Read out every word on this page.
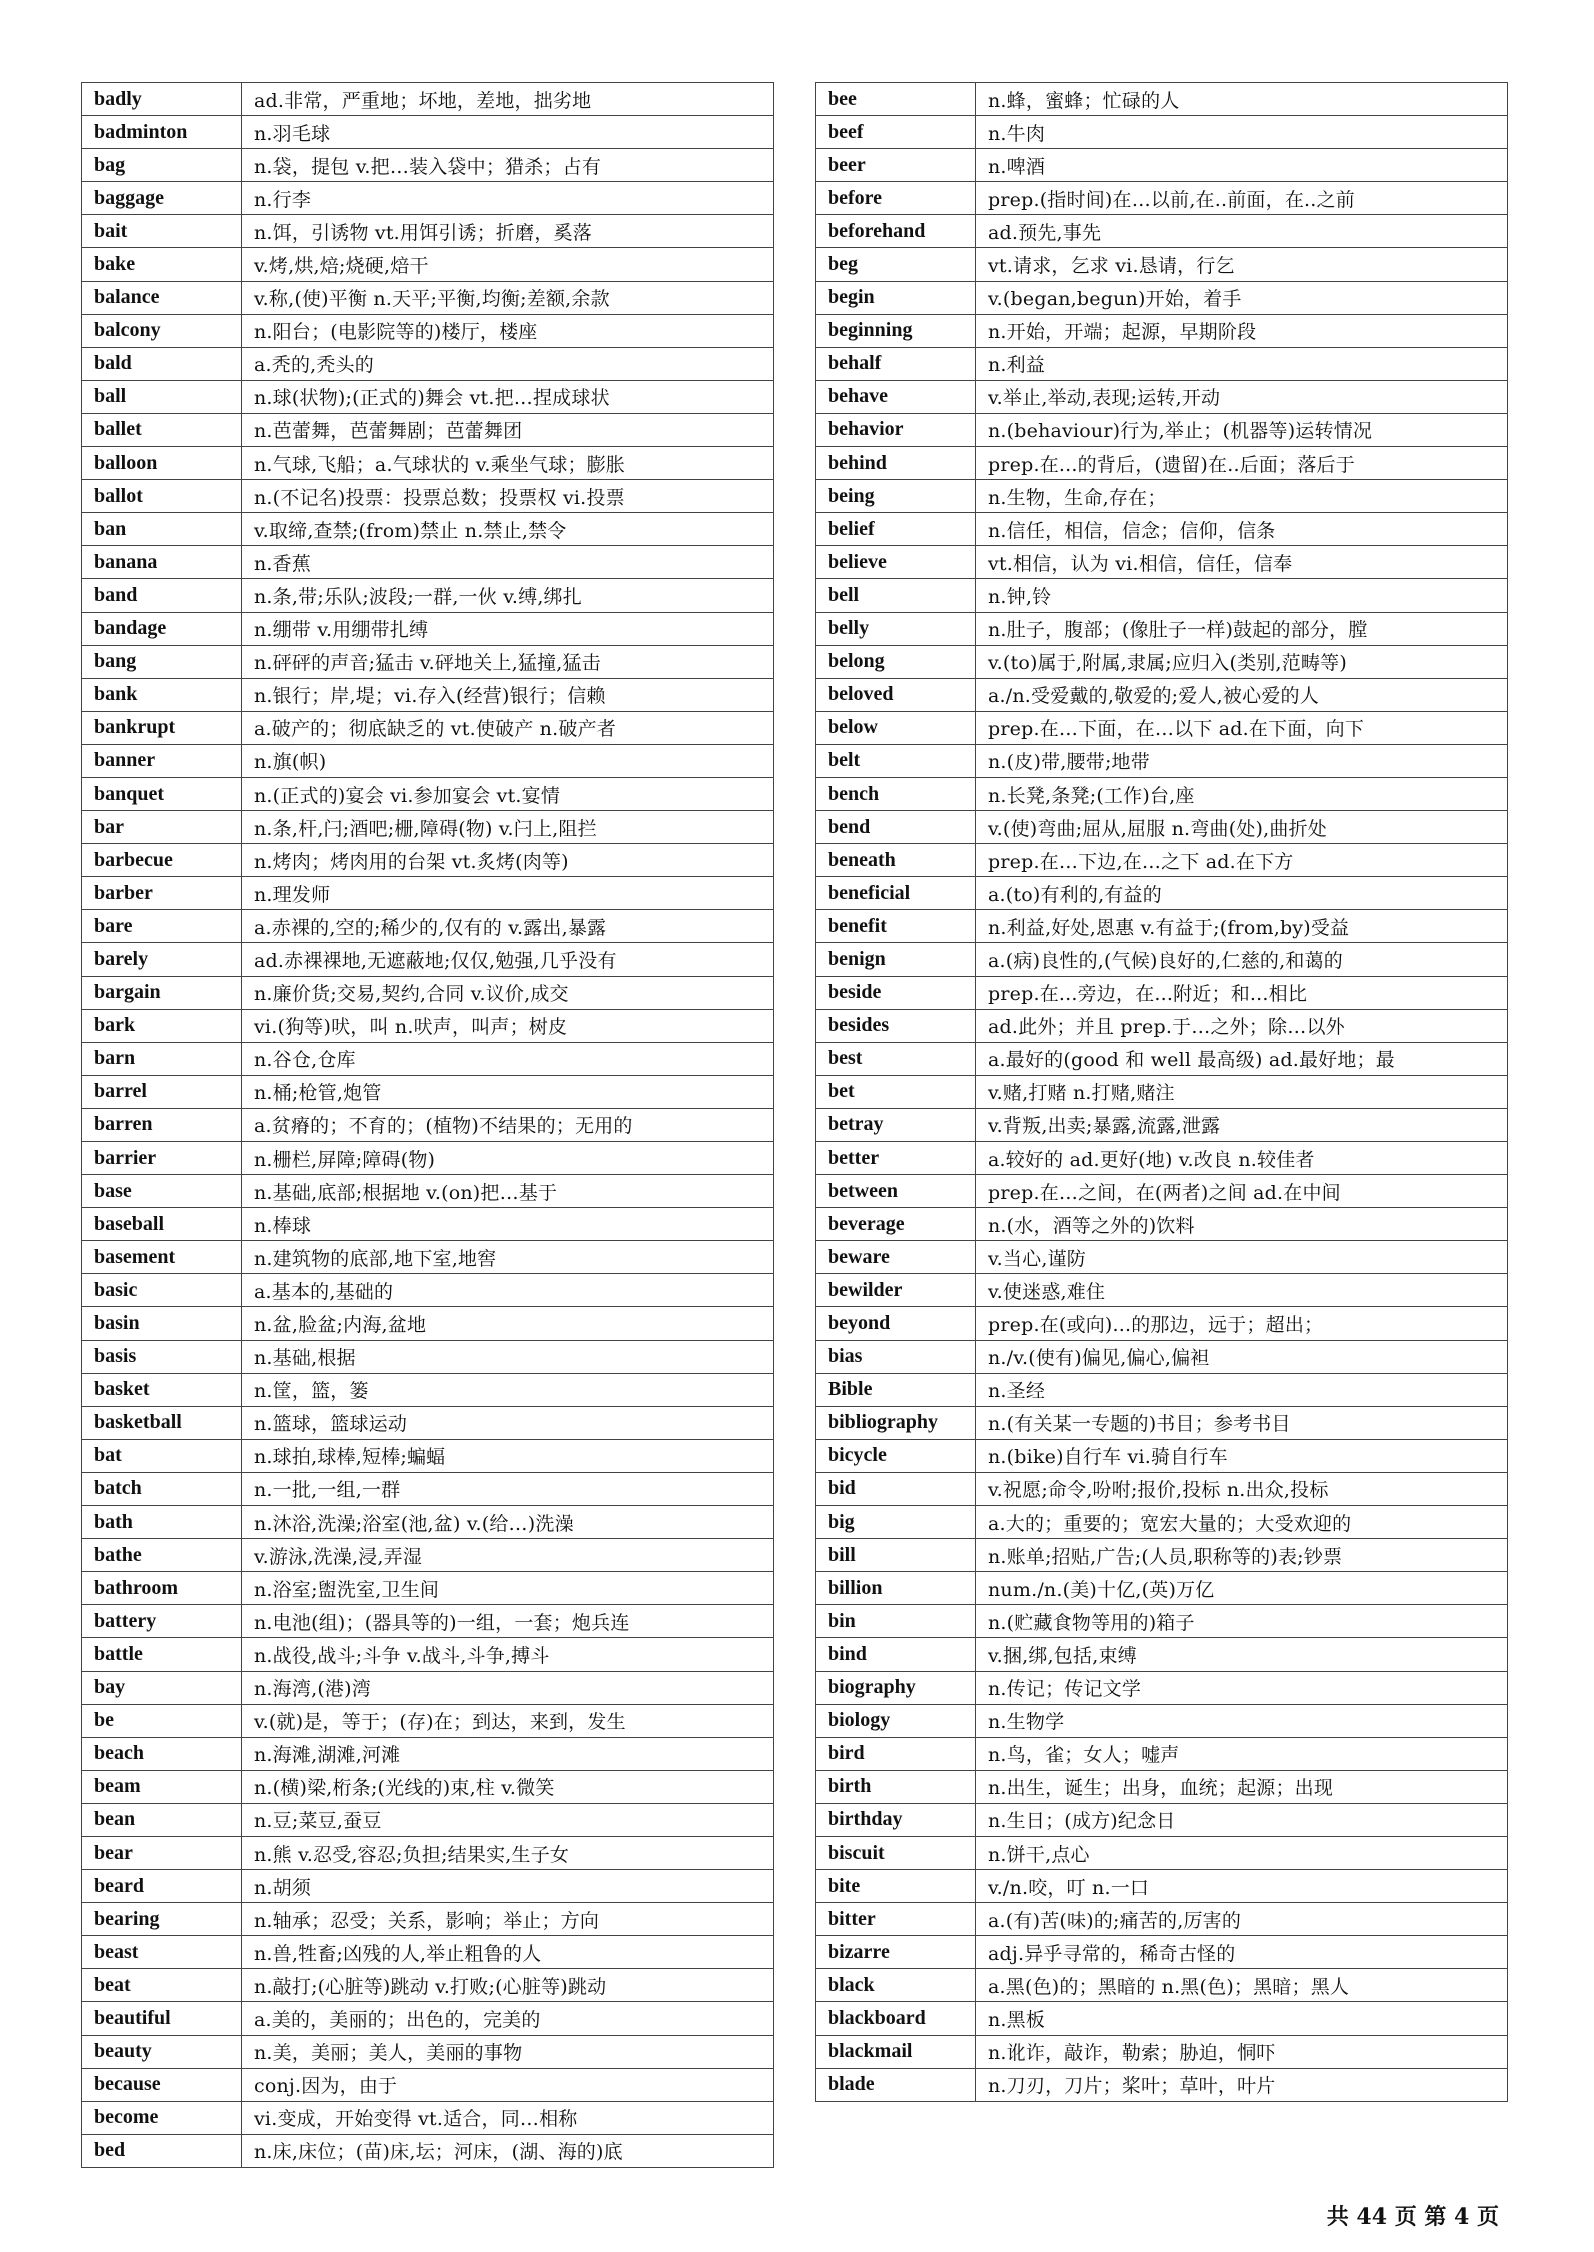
badly	ad.非常，严重地；坏地，差地，拙劣地
badminton	n.羽毛球
bag	n.袋，提包 v.把…装入袋中；猎杀；占有
baggage	n.行李
bait	n.饵，引诱物 vt.用饵引诱；折磨，奚落
bake	v.烤,烘,焙;烧硬,焙干
balance	v.称,(使)平衡 n.天平;平衡,均衡;差额,余款
balcony	n.阳台；(电影院等的)楼厅，楼座
bald	a.秃的,秃头的
ball	n.球(状物);(正式的)舞会 vt.把…捏成球状
ballet	n.芭蕾舞，芭蕾舞剧；芭蕾舞团
balloon	n.气球,飞船；a.气球状的 v.乘坐气球；膨胀
ballot	n.(不记名)投票：投票总数；投票权 vi.投票
ban	v.取缔,查禁;(from)禁止 n.禁止,禁令
banana	n.香蕉
band	n.条,带;乐队;波段;一群,一伙 v.缚,绑扎
bandage	n.绷带 v.用绷带扎缚
bang	n.砰砰的声音;猛击 v.砰地关上,猛撞,猛击
bank	n.银行；岸,堤；vi.存入(经营)银行；信赖
bankrupt	a.破产的；彻底缺乏的 vt.使破产 n.破产者
banner	n.旗(帜)
banquet	n.(正式的)宴会 vi.参加宴会 vt.宴情
bar	n.条,杆,闩;酒吧;栅,障碍(物) v.闩上,阻拦
barbecue	n.烤肉；烤肉用的台架 vt.炙烤(肉等)
barber	n.理发师
bare	a.赤裸的,空的;稀少的,仅有的 v.露出,暴露
barely	ad.赤裸裸地,无遮蔽地;仅仅,勉强,几乎没有
bargain	n.廉价货;交易,契约,合同 v.议价,成交
bark	vi.(狗等)吠，叫 n.吠声，叫声；树皮
barn	n.谷仓,仓库
barrel	n.桶;枪管,炮管
barren	a.贫瘠的；不育的；(植物)不结果的；无用的
barrier	n.栅栏,屏障;障碍(物)
base	n.基础,底部;根据地 v.(on)把…基于
baseball	n.棒球
basement	n.建筑物的底部,地下室,地窖
basic	a.基本的,基础的
basin	n.盆,脸盆;内海,盆地
basis	n.基础,根据
basket	n.筐，篮，篓
basketball	n.篮球，篮球运动
bat	n.球拍,球棒,短棒;蝙蝠
batch	n.一批,一组,一群
bath	n.沐浴,洗澡;浴室(池,盆) v.(给…)洗澡
bathe	v.游泳,洗澡,浸,弄湿
bathroom	n.浴室;盥洗室,卫生间
battery	n.电池(组)；(器具等的)一组，一套；炮兵连
battle	n.战役,战斗;斗争 v.战斗,斗争,搏斗
bay	n.海湾,(港)湾
be	v.(就)是，等于；(存)在；到达，来到，发生
beach	n.海滩,湖滩,河滩
beam	n.(横)梁,桁条;(光线的)束,柱 v.微笑
bean	n.豆;菜豆,蚕豆
bear	n.熊 v.忍受,容忍;负担;结果实,生子女
beard	n.胡须
bearing	n.轴承；忍受；关系，影响；举止；方向
beast	n.兽,牲畜;凶残的人,举止粗鲁的人
beat	n.敲打;(心脏等)跳动 v.打败;(心脏等)跳动
beautiful	a.美的，美丽的；出色的，完美的
beauty	n.美，美丽；美人，美丽的事物
because	conj.因为，由于
become	vi.变成，开始变得 vt.适合，同…相称
bed	n.床,床位；(苗)床,坛；河床，(湖、海的)底
bee	n.蜂，蜜蜂；忙碌的人
beef	n.牛肉
beer	n.啤酒
before	prep.(指时间)在…以前,在..前面，在..之前
beforehand	ad.预先,事先
beg	vt.请求，乞求 vi.恳请，行乞
begin	v.(began,begun)开始，着手
beginning	n.开始，开端；起源，早期阶段
behalf	n.利益
behave	v.举止,举动,表现;运转,开动
behavior	n.(behaviour)行为,举止；(机器等)运转情况
behind	prep.在...的背后，(遗留)在..后面；落后于
being	n.生物，生命,存在；
belief	n.信任，相信，信念；信仰，信条
believe	vt.相信，认为 vi.相信，信任，信奉
bell	n.钟,铃
belly	n.肚子，腹部；(像肚子一样)鼓起的部分，膛
belong	v.(to)属于,附属,隶属;应归入(类别,范畴等)
beloved	a./n.受爱戴的,敬爱的;爱人,被心爱的人
below	prep.在…下面，在…以下 ad.在下面，向下
belt	n.(皮)带,腰带;地带
bench	n.长凳,条凳;(工作)台,座
bend	v.(使)弯曲;屈从,屈服 n.弯曲(处),曲折处
beneath	prep.在…下边,在…之下 ad.在下方
beneficial	a.(to)有利的,有益的
benefit	n.利益,好处,恩惠 v.有益于;(from,by)受益
benign	a.(病)良性的,(气候)良好的,仁慈的,和蔼的
beside	prep.在...旁边，在...附近；和...相比
besides	ad.此外；并且 prep.于…之外；除…以外
best	a.最好的(good 和 well 最高级) ad.最好地；最
bet	v.赌,打赌 n.打赌,赌注
betray	v.背叛,出卖;暴露,流露,泄露
better	a.较好的 ad.更好(地) v.改良 n.较佳者
between	prep.在…之间，在(两者)之间 ad.在中间
beverage	n.(水，酒等之外的)饮料
beware	v.当心,谨防
bewilder	v.使迷惑,难住
beyond	prep.在(或向)...的那边，远于；超出；
bias	n./v.(使有)偏见,偏心,偏袒
Bible	n.圣经
bibliography	n.(有关某一专题的)书目；参考书目
bicycle	n.(bike)自行车 vi.骑自行车
bid	v.祝愿;命令,吩咐;报价,投标 n.出众,投标
big	a.大的；重要的；宽宏大量的；大受欢迎的
bill	n.账单;招贴,广告;(人员,职称等的)表;钞票
billion	num./n.(美)十亿,(英)万亿
bin	n.(贮藏食物等用的)箱子
bind	v.捆,绑,包括,束缚
biography	n.传记；传记文学
biology	n.生物学
bird	n.鸟，雀；女人；嘘声
birth	n.出生，诞生；出身，血统；起源；出现
birthday	n.生日；(成方)纪念日
biscuit	n.饼干,点心
bite	v./n.咬，叮 n.一口
bitter	a.(有)苦(味)的;痛苦的,厉害的
bizarre	adj.异乎寻常的，稀奇古怪的
black	a.黑(色)的；黑暗的 n.黑(色)；黑暗；黑人
blackboard	n.黑板
blackmail	n.讹诈，敲诈，勒索；胁迫，恫吓
blade	n.刀刃，刀片；桨叶；草叶，叶片
共 44 页 第 4 页
